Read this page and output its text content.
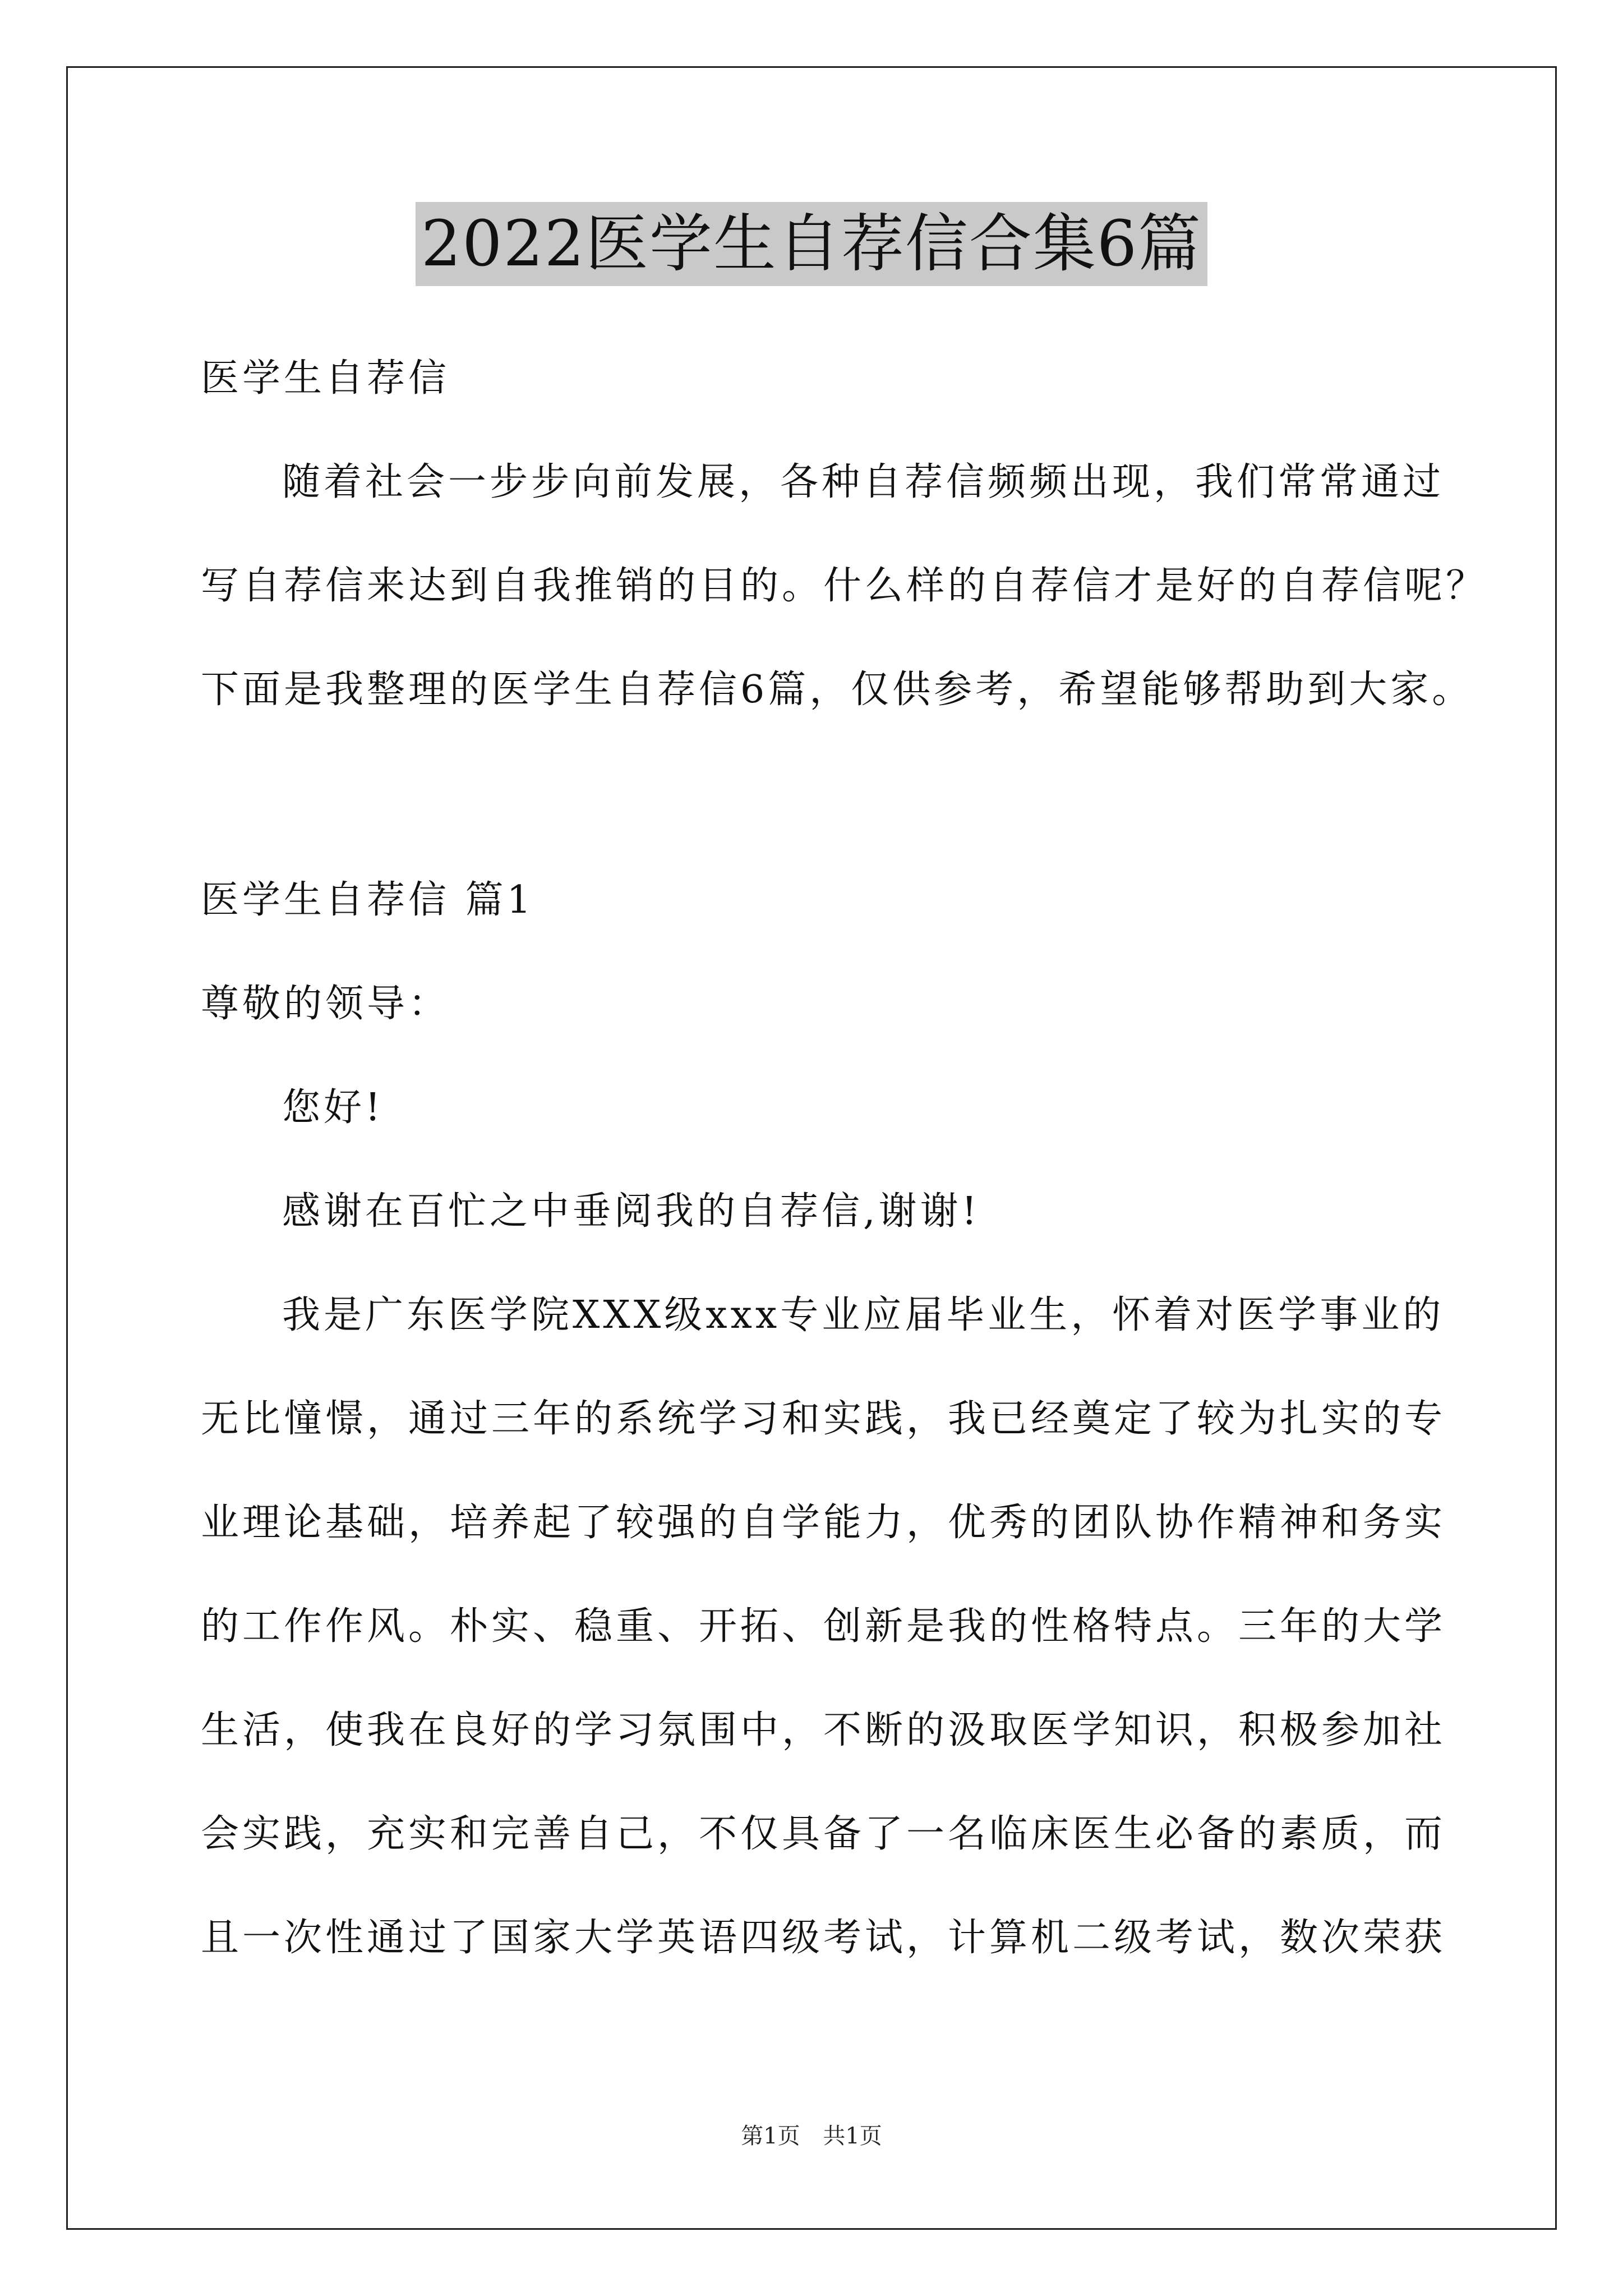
2022医学生自荐信合集6篇
医学生自荐信
随着社会一步步向前发展，各种自荐信频频出现，我们常常通过
写自荐信来达到自我推销的目的。什么样的自荐信才是好的自荐信呢？
下面是我整理的医学生自荐信6篇，仅供参考，希望能够帮助到大家。
医学生自荐信 篇1
尊敬的领导：
您好!
感谢在百忙之中垂阅我的自荐信,谢谢!
我是广东医学院XXX级xxx专业应届毕业生，怀着对医学事业的
无比憧憬，通过三年的系统学习和实践，我已经奠定了较为扎实的专
业理论基础，培养起了较强的自学能力，优秀的团队协作精神和务实
的工作作风。朴实、稳重、开拓、创新是我的性格特点。三年的大学
生活，使我在良好的学习氛围中，不断的汲取医学知识，积极参加社
会实践，充实和完善自己，不仅具备了一名临床医生必备的素质，而
且一次性通过了国家大学英语四级考试，计算机二级考试，数次荣获
第1页 共1页
